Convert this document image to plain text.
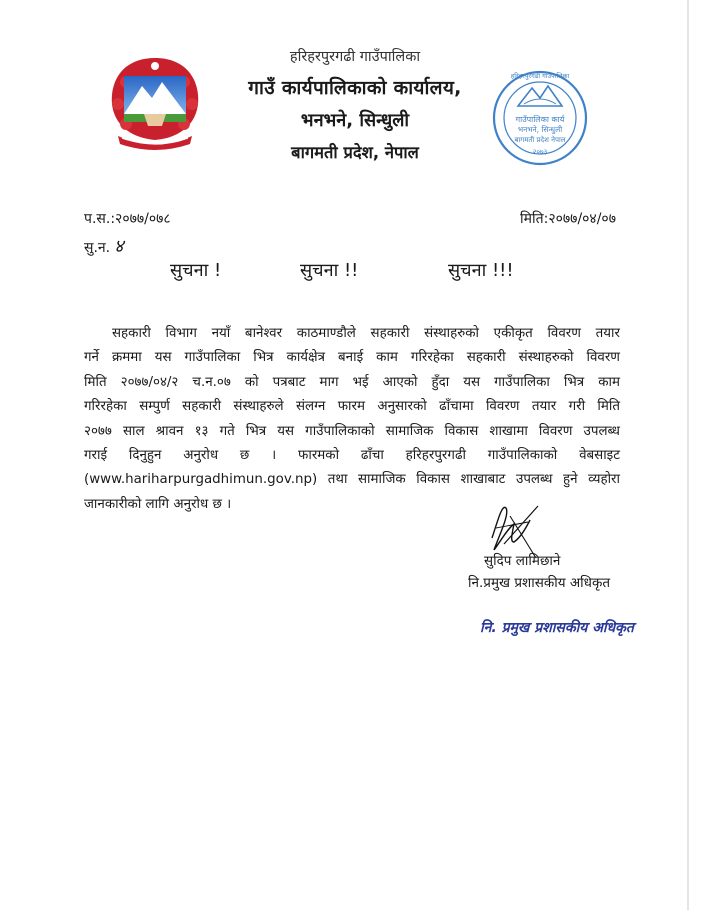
हरिहरपुरगढी गाउँपालिका
गाउँ कार्यपालिकाको कार्यालय,
भनभने, सिन्धुली
बागमती प्रदेश, नेपाल
गाउँपालिका कार्य
भनभने, सिन्धुली
बागमती प्रदेश नेपाल
२०७३
हरिहरपुरगढी गाउँपालिका
प.स.:२०७७/०७८	मिति:२०७७/०४/०७
सु.न. ४
सुचना !	सुचना !!	सुचना !!!
सहकारी विभाग नयाँ बानेश्वर काठमाण्डौले सहकारी संस्थाहरुको एकीकृत विवरण तयार
गर्ने क्रममा यस गाउँपालिका भित्र कार्यक्षेत्र बनाई काम गरिरहेका सहकारी संस्थाहरुको विवरण
मिति २०७७/०४/२ च.न.०७ को पत्रबाट माग भई आएको हुँदा यस गाउँपालिका भित्र काम
गरिरहेका सम्पुर्ण सहकारी संस्थाहरुले संलग्न फारम अनुसारको ढाँचामा विवरण तयार गरी मिति
२०७७ साल श्रावन १३ गते भित्र यस गाउँपालिकाको सामाजिक विकास शाखामा विवरण उपलब्ध
गराई दिनुहुन अनुरोध छ । फारमको ढाँचा हरिहरपुरगढी गाउँपालिकाको वेबसाइट
(www.hariharpurgadhimun.gov.np) तथा सामाजिक विकास शाखाबाट उपलब्ध हुने व्यहोरा
जानकारीको लागि अनुरोध छ ।
सुदिप लामिछाने
नि.प्रमुख प्रशासकीय अधिकृत
नि. प्रमुख प्रशासकीय अधिकृत
